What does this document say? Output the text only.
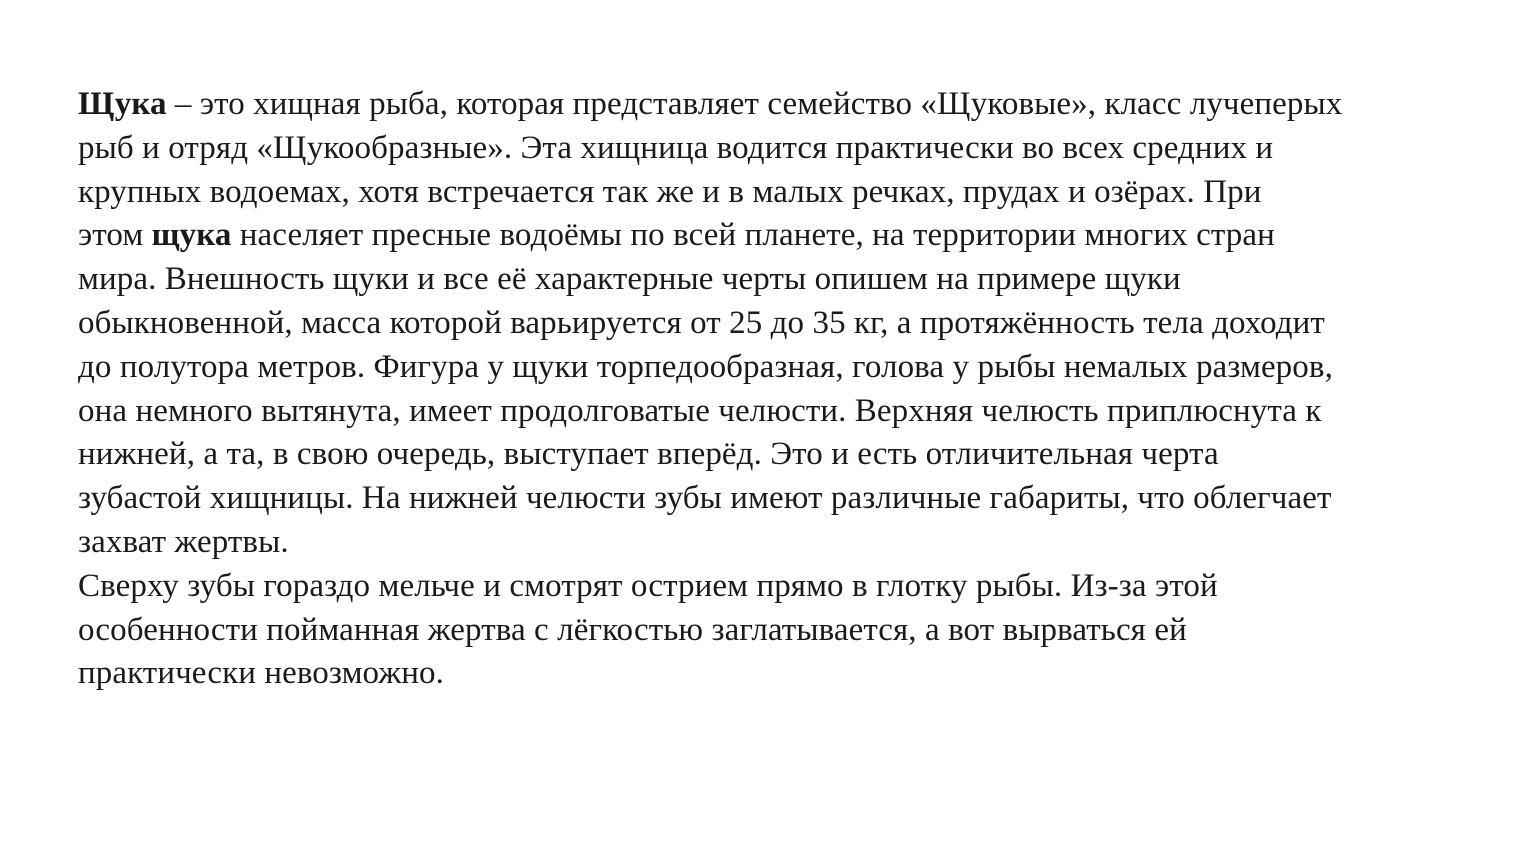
Щука – это хищная рыба, которая представляет семейство «Щуковые», класс лучеперых
рыб и отряд «Щукообразные». Эта хищница водится практически во всех средних и
крупных водоемах, хотя встречается так же и в малых речках, прудах и озёрах. При
этом щука населяет пресные водоёмы по всей планете, на территории многих стран
мира. Внешность щуки и все её характерные черты опишем на примере щуки
обыкновенной, масса которой варьируется от 25 до 35 кг, а протяжённость тела доходит
до полутора метров. Фигура у щуки торпедообразная, голова у рыбы немалых размеров,
она немного вытянута, имеет продолговатые челюсти. Верхняя челюсть приплюснута к
нижней, а та, в свою очередь, выступает вперёд. Это и есть отличительная черта
зубастой хищницы. На нижней челюсти зубы имеют различные габариты, что облегчает
захват жертвы.
Сверху зубы гораздо мельче и смотрят острием прямо в глотку рыбы. Из-за этой
особенности пойманная жертва с лёгкостью заглатывается, а вот вырваться ей
практически невозможно.
